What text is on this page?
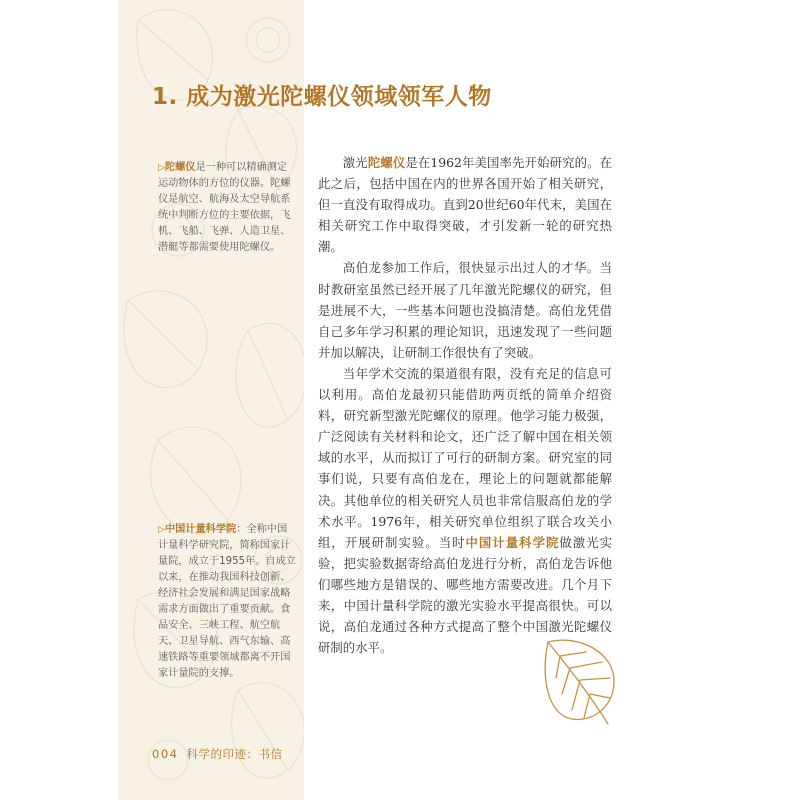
1. 成为激光陀螺仪领域领军人物
▷陀螺仪是一种可以精确测定运动物体的方位的仪器。陀螺仪是航空、航海及太空导航系统中判断方位的主要依据，飞机、飞船、飞弹、人造卫星、潜艇等都需要使用陀螺仪。
▷中国计量科学院：全称中国计量科学研究院，简称国家计量院，成立于1955年。自成立以来，在推动我国科技创新、经济社会发展和满足国家战略需求方面做出了重要贡献。食品安全、三峡工程、航空航天、卫星导航、西气东输、高速铁路等重要领域都离不开国家计量院的支撑。

激光陀螺仪是在1962年美国率先开始研究的。在此之后，包括中国在内的世界各国开始了相关研究，但一直没有取得成功。直到20世纪60年代末，美国在相关研究工作中取得突破，才引发新一轮的研究热潮。

高伯龙参加工作后，很快显示出过人的才华。当时教研室虽然已经开展了几年激光陀螺仪的研究，但是进展不大，一些基本问题也没搞清楚。高伯龙凭借自己多年学习积累的理论知识，迅速发现了一些问题并加以解决，让研制工作很快有了突破。

当年学术交流的渠道很有限，没有充足的信息可以利用。高伯龙最初只能借助两页纸的简单介绍资料，研究新型激光陀螺仪的原理。他学习能力极强，广泛阅读有关材料和论文，还广泛了解中国在相关领域的水平，从而拟订了可行的研制方案。研究室的同事们说，只要有高伯龙在，理论上的问题就都能解决。其他单位的相关研究人员也非常信服高伯龙的学术水平。1976年，相关研究单位组织了联合攻关小组，开展研制实验。当时中国计量科学院做激光实验，把实验数据寄给高伯龙进行分析，高伯龙告诉他们哪些地方是错误的、哪些地方需要改进。几个月下来，中国计量科学院的激光实验水平提高很快。可以说，高伯龙通过各种方式提高了整个中国激光陀螺仪研制的水平。

004 科学的印迹：书信
